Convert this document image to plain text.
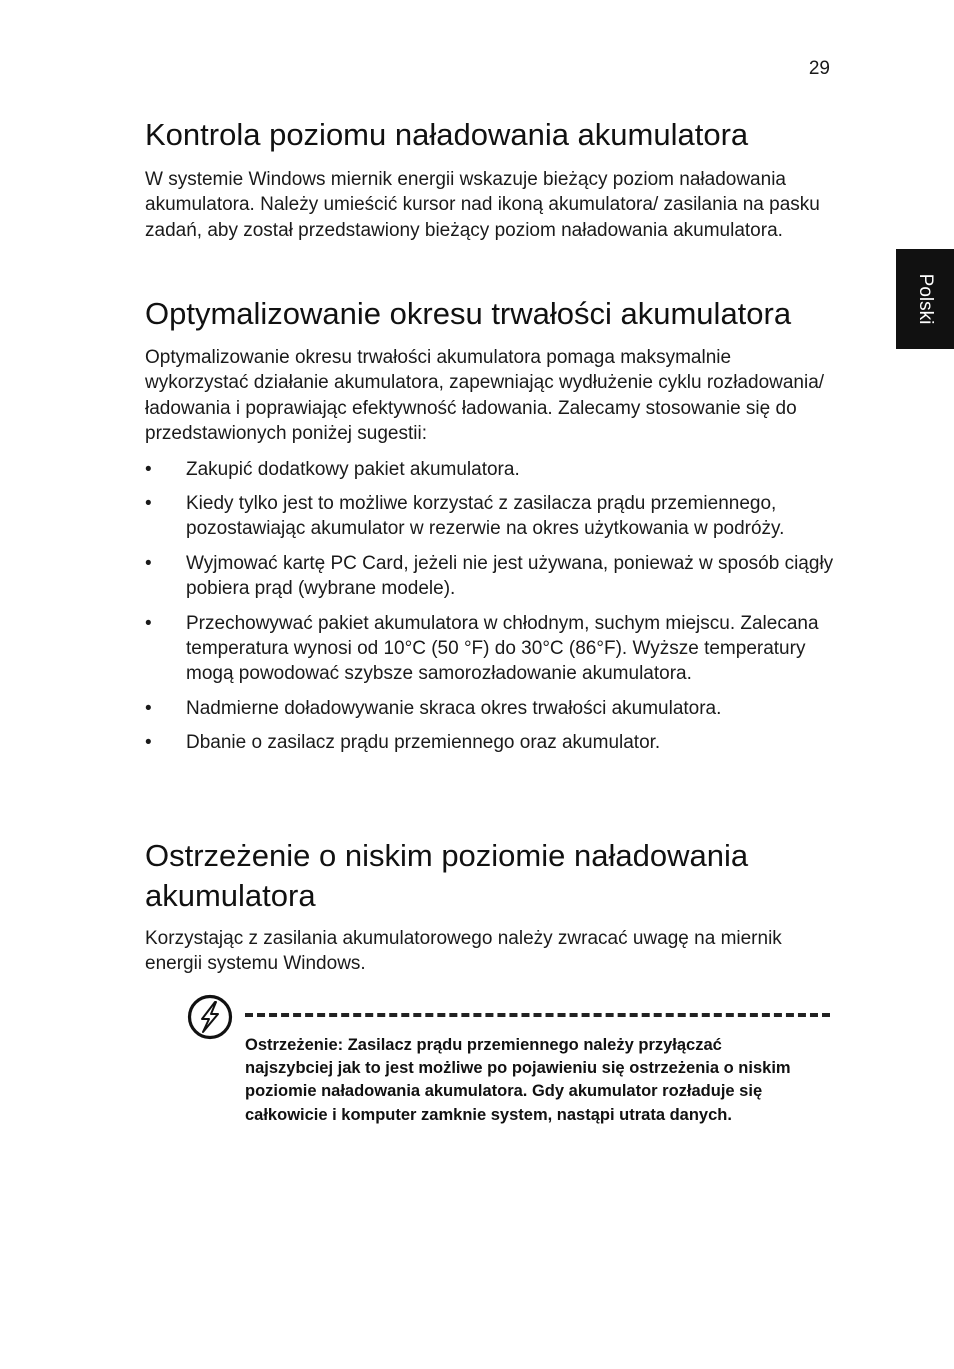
29
Polski
Kontrola poziomu naładowania akumulatora

W systemie Windows miernik energii wskazuje bieżący poziom naładowania akumulatora. Należy umieścić kursor nad ikoną akumulatora/ zasilania na pasku zadań, aby został przedstawiony bieżący poziom naładowania akumulatora.

Optymalizowanie okresu trwałości akumulatora

Optymalizowanie okresu trwałości akumulatora pomaga maksymalnie wykorzystać działanie akumulatora, zapewniając wydłużenie cyklu rozładowania/ładowania i poprawiając efektywność ładowania. Zalecamy stosowanie się do przedstawionych poniżej sugestii:

• Zakupić dodatkowy pakiet akumulatora.
• Kiedy tylko jest to możliwe korzystać z zasilacza prądu przemiennego, pozostawiając akumulator w rezerwie na okres użytkowania w podróży.
• Wyjmować kartę PC Card, jeżeli nie jest używana, ponieważ w sposób ciągły pobiera prąd (wybrane modele).
• Przechowywać pakiet akumulatora w chłodnym, suchym miejscu. Zalecana temperatura wynosi od 10°C (50 °F) do 30°C (86°F). Wyższe temperatury mogą powodować szybsze samorozładowanie akumulatora.
• Nadmierne doładowywanie skraca okres trwałości akumulatora.
• Dbanie o zasilacz prądu przemiennego oraz akumulator.
Ostrzeżenie o niskim poziomie naładowania akumulatora

Korzystając z zasilania akumulatorowego należy zwracać uwagę na miernik energii systemu Windows.

Ostrzeżenie: Zasilacz prądu przemiennego należy przyłączać najszybciej jak to jest możliwe po pojawieniu się ostrzeżenia o niskim poziomie naładowania akumulatora. Gdy akumulator rozładuje się całkowicie i komputer zamknie system, nastąpi utrata danych.
